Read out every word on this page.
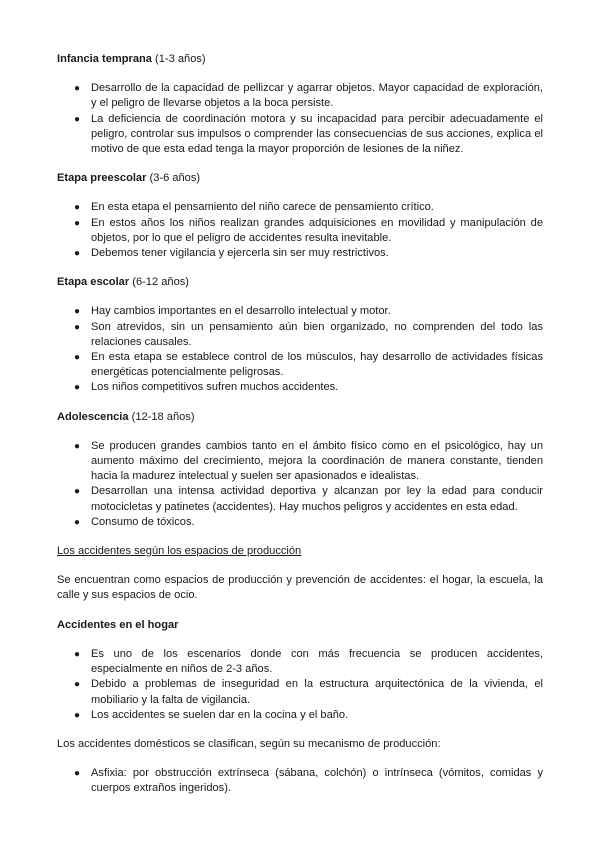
Infancia temprana (1-3 años)
● Desarrollo de la capacidad de pellizcar y agarrar objetos. Mayor capacidad de exploración, y el peligro de llevarse objetos a la boca persiste.
● La deficiencia de coordinación motora y su incapacidad para percibir adecuadamente el peligro, controlar sus impulsos o comprender las consecuencias de sus acciones, explica el motivo de que esta edad tenga la mayor proporción de lesiones de la niñez.
Etapa preescolar (3-6 años)
● En esta etapa el pensamiento del niño carece de pensamiento crítico.
● En estos años los niños realizan grandes adquisiciones en movilidad y manipulación de objetos, por lo que el peligro de accidentes resulta inevitable.
● Debemos tener vigilancia y ejercerla sin ser muy restrictivos.
Etapa escolar (6-12 años)
● Hay cambios importantes en el desarrollo intelectual y motor.
● Son atrevidos, sin un pensamiento aún bien organizado, no comprenden del todo las relaciones causales.
● En esta etapa se establece control de los músculos, hay desarrollo de actividades físicas energéticas potencialmente peligrosas.
● Los niños competitivos sufren muchos accidentes.
Adolescencia (12-18 años)
● Se producen grandes cambios tanto en el ámbito físico como en el psicológico, hay un aumento máximo del crecimiento, mejora la coordinación de manera constante, tienden hacia la madurez intelectual y suelen ser apasionados e idealistas.
● Desarrollan una intensa actividad deportiva y alcanzan por ley la edad para conducir motocicletas y patinetes (accidentes). Hay muchos peligros y accidentes en esta edad.
● Consumo de tóxicos.
Los accidentes según los espacios de producción
Se encuentran como espacios de producción y prevención de accidentes: el hogar, la escuela, la calle y sus espacios de ocio.
Accidentes en el hogar
● Es uno de los escenarios donde con más frecuencia se producen accidentes, especialmente en niños de 2-3 años.
● Debido a problemas de inseguridad en la estructura arquitectónica de la vivienda, el mobiliario y la falta de vigilancia.
● Los accidentes se suelen dar en la cocina y el baño.
Los accidentes domésticos se clasifican, según su mecanismo de producción:
● Asfixia: por obstrucción extrínseca (sábana, colchón) o intrínseca (vómitos, comidas y cuerpos extraños ingeridos).
